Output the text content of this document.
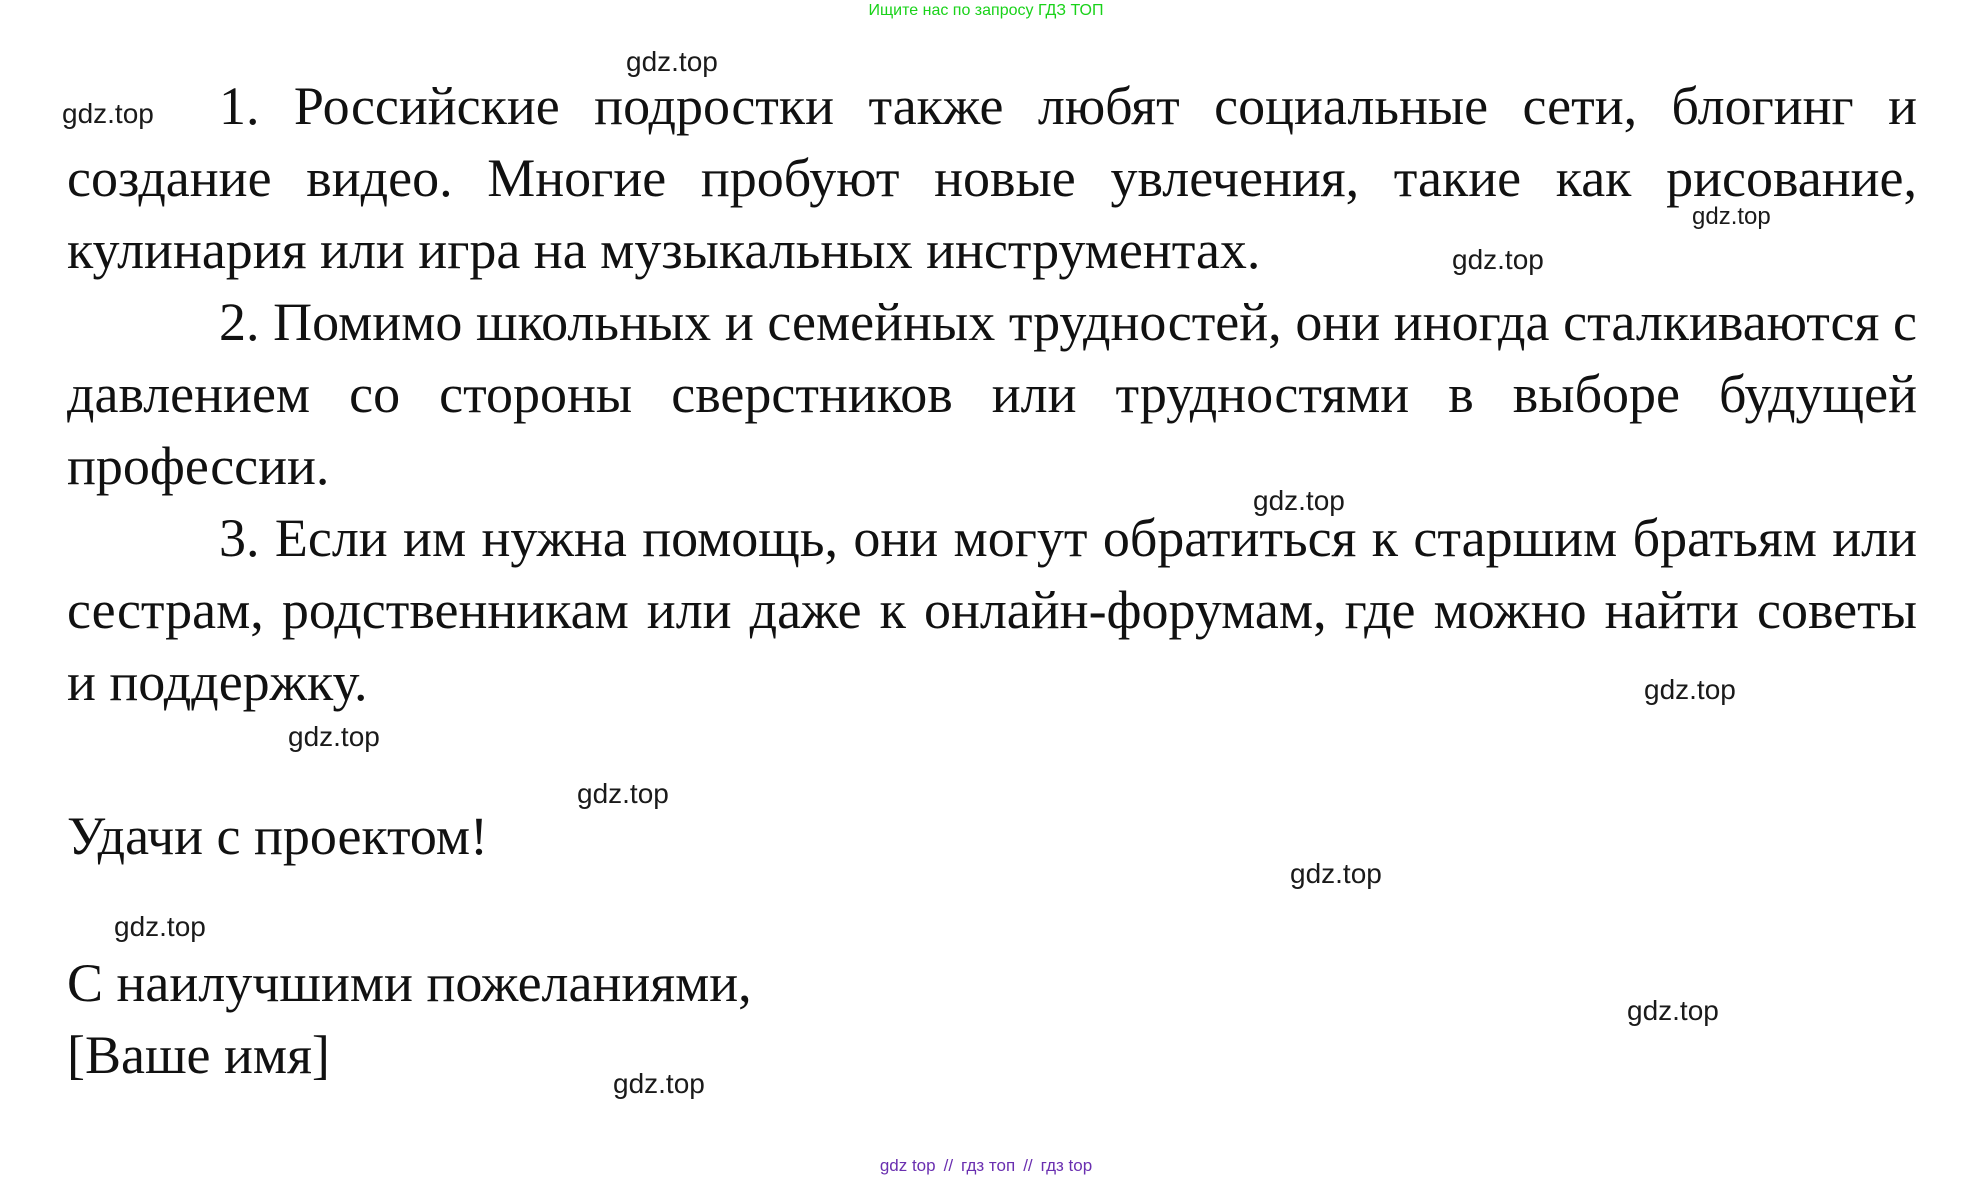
Ищите нас по запросу ГДЗ ТОП

1. Российские подростки также любят социальные сети, блогинг и создание видео. Многие пробуют новые увлечения, такие как рисование, кулинария или игра на музыкальных инструментах.

2. Помимо школьных и семейных трудностей, они иногда сталкиваются с давлением со стороны сверстников или трудностями в выборе будущей профессии.

3. Если им нужна помощь, они могут обратиться к старшим братьям или сестрам, родственникам или даже к онлайн-форумам, где можно найти советы и поддержку.

Удачи с проектом!

С наилучшими пожеланиями,

[Ваше имя]

gdz.top
gdz.top
gdz.top
gdz.top
gdz.top
gdz.top
gdz.top
gdz.top
gdz.top
gdz.top
gdz.top
gdz.top
gdz top // гдз топ // гдз top
